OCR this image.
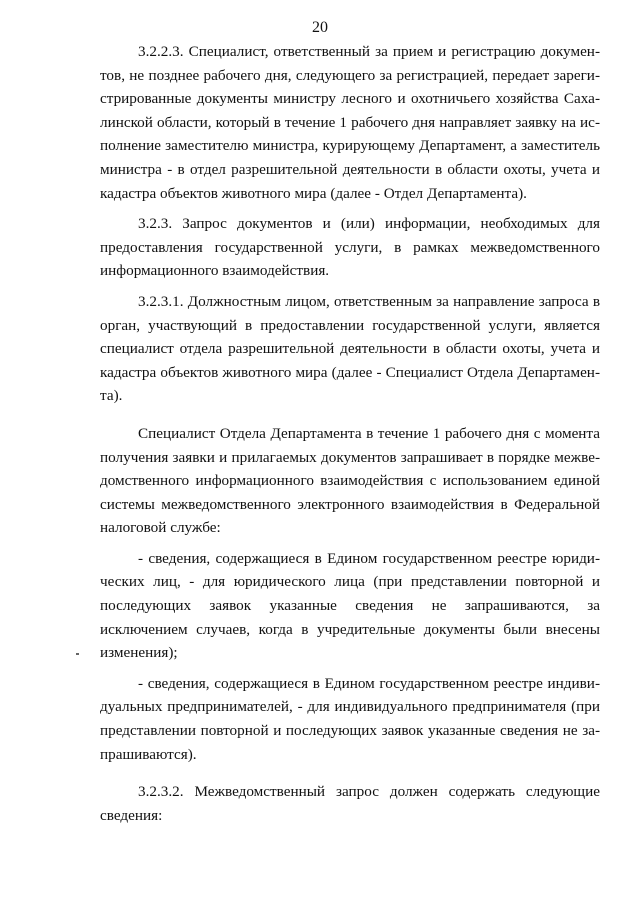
20

3.2.2.3. Специалист, ответственный за прием и регистрацию документов, не позднее рабочего дня, следующего за регистрацией, передает зарегистрированные документы министру лесного и охотничьего хозяйства Сахалинской области, который в течение 1 рабочего дня направляет заявку на исполнение заместителю министра, курирующему Департамент, а заместитель министра - в отдел разрешительной деятельности в области охоты, учета и кадастра объектов животного мира (далее - Отдел Департамента).

3.2.3. Запрос документов и (или) информации, необходимых для предоставления государственной услуги, в рамках межведомственного информационного взаимодействия.

3.2.3.1. Должностным лицом, ответственным за направление запроса в орган, участвующий в предоставлении государственной услуги, является специалист отдела разрешительной деятельности в области охоты, учета и кадастра объектов животного мира (далее - Специалист Отдела Департамента).

Специалист Отдела Департамента в течение 1 рабочего дня с момента получения заявки и прилагаемых документов запрашивает в порядке межведомственного информационного взаимодействия с использованием единой системы межведомственного электронного взаимодействия в Федеральной налоговой службе:

- сведения, содержащиеся в Едином государственном реестре юридических лиц, - для юридического лица (при представлении повторной и последующих заявок указанные сведения не запрашиваются, за исключением случаев, когда в учредительные документы были внесены изменения);

- сведения, содержащиеся в Едином государственном реестре индивидуальных предпринимателей, - для индивидуального предпринимателя (при представлении повторной и последующих заявок указанные сведения не запрашиваются).

3.2.3.2. Межведомственный запрос должен содержать следующие сведения:
